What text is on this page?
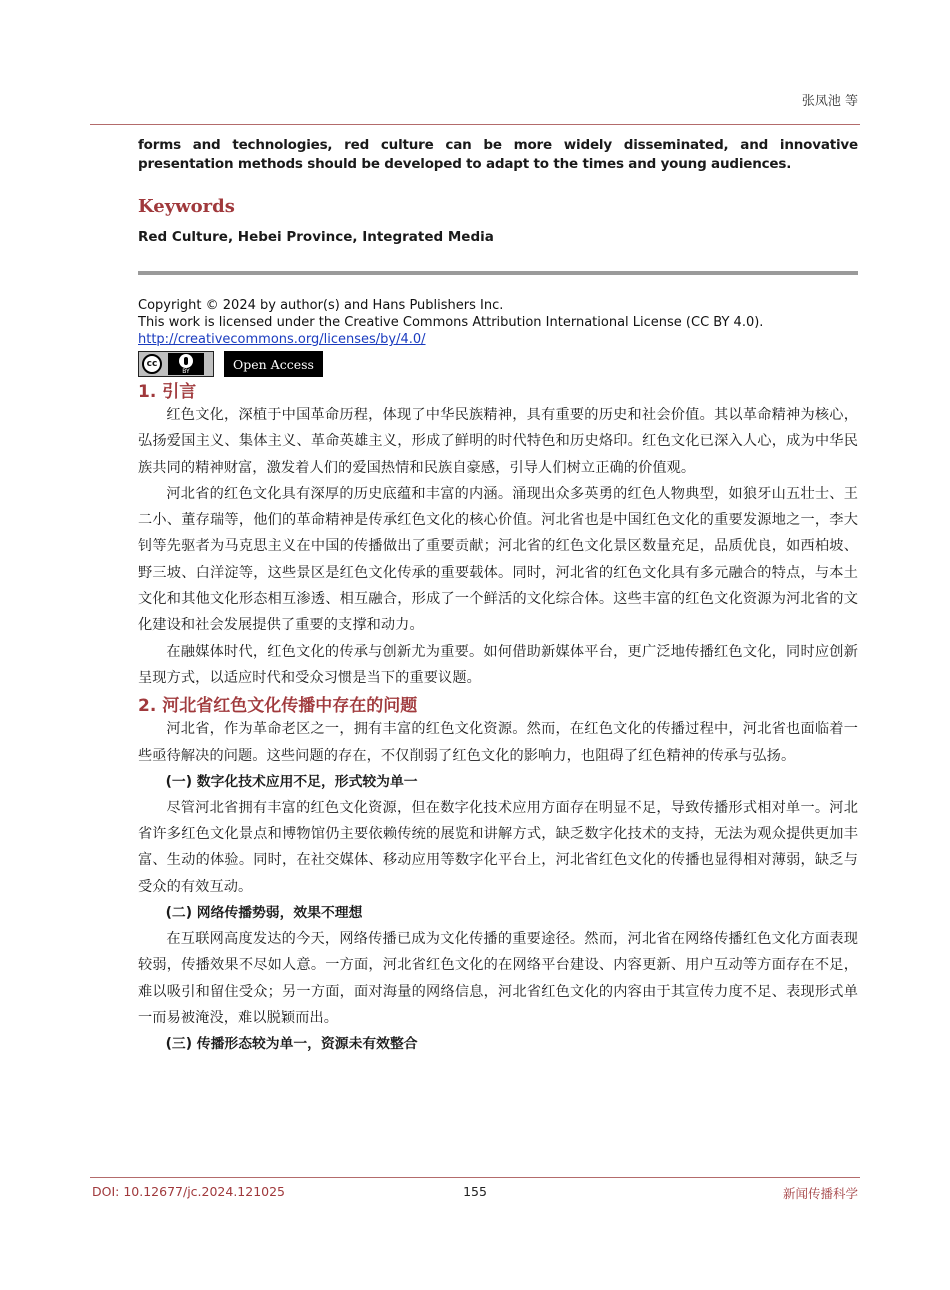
张凤池 等

forms and technologies, red culture can be more widely disseminated, and innovative presentation methods should be developed to adapt to the times and young audiences.

Keywords

Red Culture, Hebei Province, Integrated Media

Copyright © 2024 by author(s) and Hans Publishers Inc.
This work is licensed under the Creative Commons Attribution International License (CC BY 4.0).
http://creativecommons.org/licenses/by/4.0/
cc
BY	Open Access
1. 引言

红色文化，深植于中国革命历程，体现了中华民族精神，具有重要的历史和社会价值。其以革命精神为核心，弘扬爱国主义、集体主义、革命英雄主义，形成了鲜明的时代特色和历史烙印。红色文化已深入人心，成为中华民族共同的精神财富，激发着人们的爱国热情和民族自豪感，引导人们树立正确的价值观。

河北省的红色文化具有深厚的历史底蕴和丰富的内涵。涌现出众多英勇的红色人物典型，如狼牙山五壮士、王二小、董存瑞等，他们的革命精神是传承红色文化的核心价值。河北省也是中国红色文化的重要发源地之一，李大钊等先驱者为马克思主义在中国的传播做出了重要贡献；河北省的红色文化景区数量充足，品质优良，如西柏坡、野三坡、白洋淀等，这些景区是红色文化传承的重要载体。同时，河北省的红色文化具有多元融合的特点，与本土文化和其他文化形态相互渗透、相互融合，形成了一个鲜活的文化综合体。这些丰富的红色文化资源为河北省的文化建设和社会发展提供了重要的支撑和动力。

在融媒体时代，红色文化的传承与创新尤为重要。如何借助新媒体平台，更广泛地传播红色文化，同时应创新呈现方式，以适应时代和受众习惯是当下的重要议题。

2. 河北省红色文化传播中存在的问题

河北省，作为革命老区之一，拥有丰富的红色文化资源。然而，在红色文化的传播过程中，河北省也面临着一些亟待解决的问题。这些问题的存在，不仅削弱了红色文化的影响力，也阻碍了红色精神的传承与弘扬。

(一) 数字化技术应用不足，形式较为单一

尽管河北省拥有丰富的红色文化资源，但在数字化技术应用方面存在明显不足，导致传播形式相对单一。河北省许多红色文化景点和博物馆仍主要依赖传统的展览和讲解方式，缺乏数字化技术的支持，无法为观众提供更加丰富、生动的体验。同时，在社交媒体、移动应用等数字化平台上，河北省红色文化的传播也显得相对薄弱，缺乏与受众的有效互动。

(二) 网络传播势弱，效果不理想

在互联网高度发达的今天，网络传播已成为文化传播的重要途径。然而，河北省在网络传播红色文化方面表现较弱，传播效果不尽如人意。一方面，河北省红色文化的在网络平台建设、内容更新、用户互动等方面存在不足，难以吸引和留住受众；另一方面，面对海量的网络信息，河北省红色文化的内容由于其宣传力度不足、表现形式单一而易被淹没，难以脱颖而出。

(三) 传播形态较为单一，资源未有效整合
DOI: 10.12677/jc.2024.121025	155	新闻传播科学
